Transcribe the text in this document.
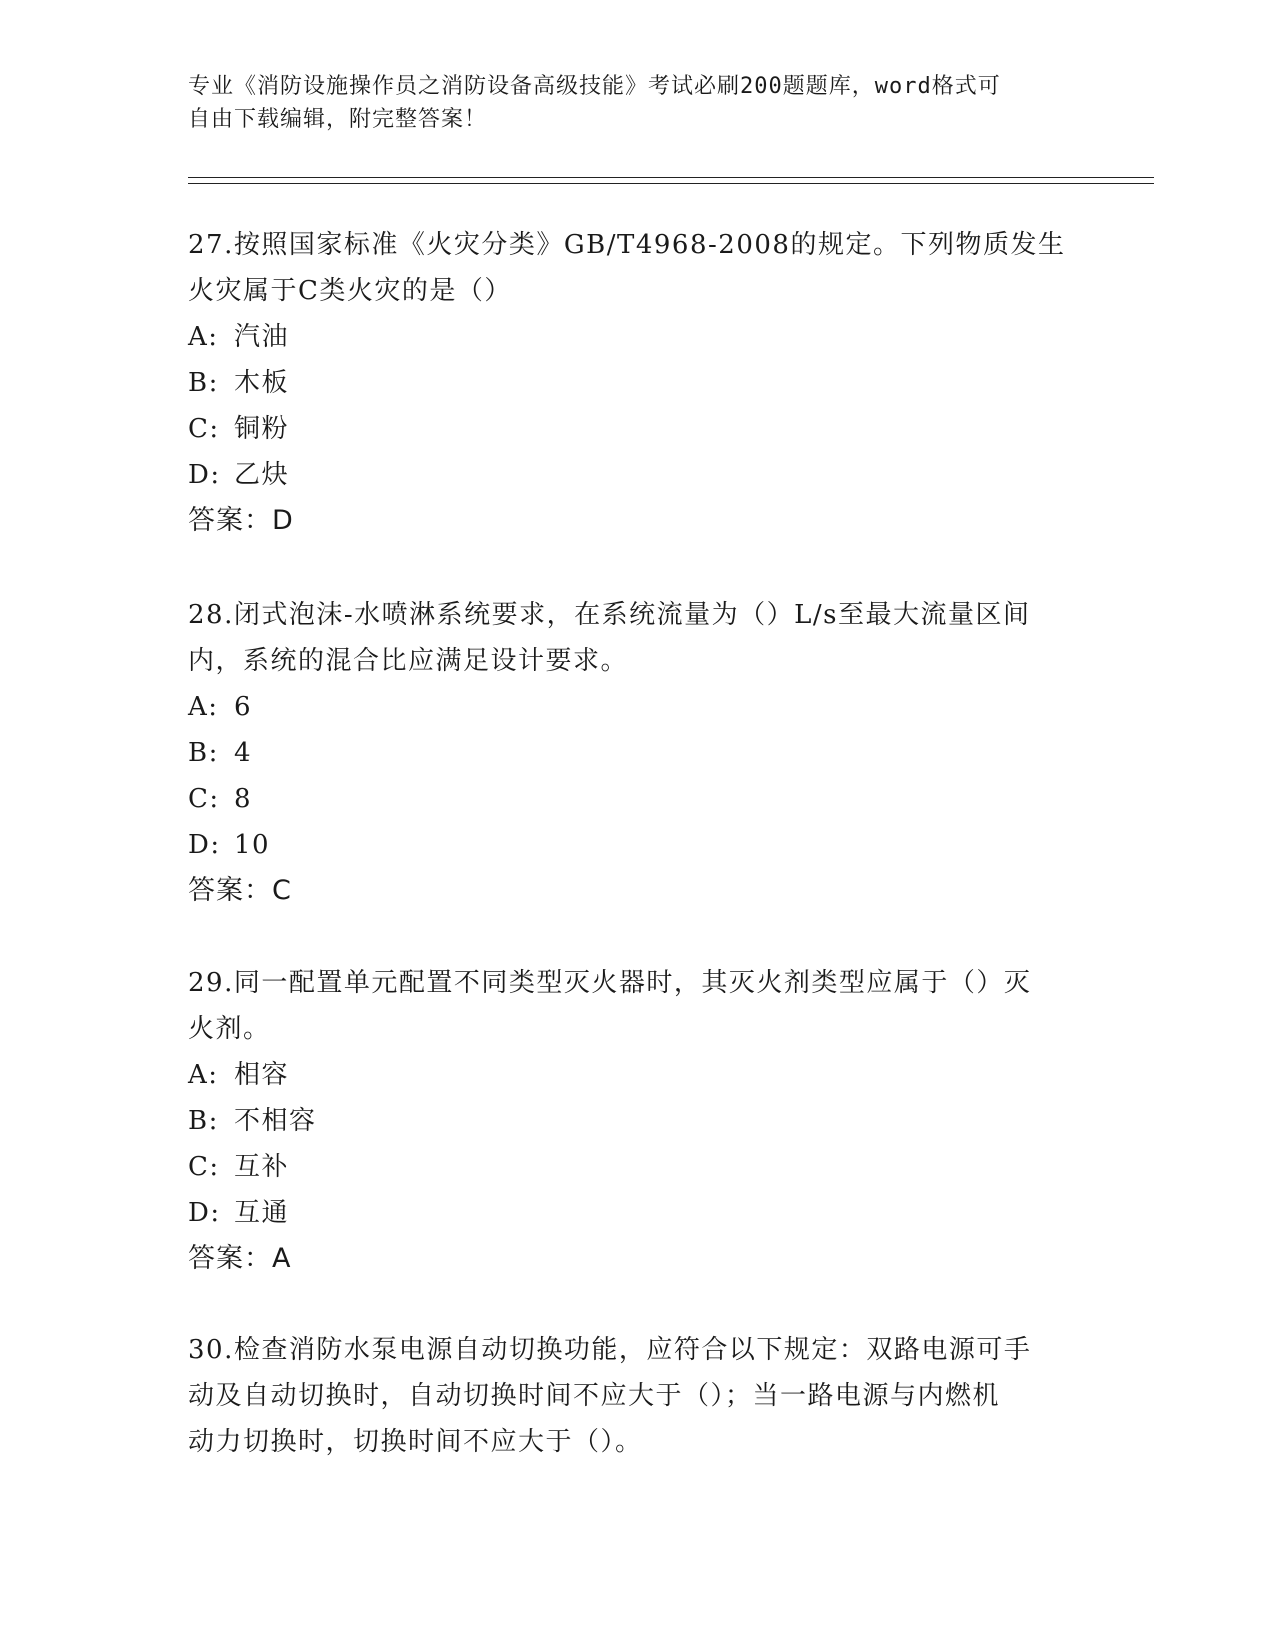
专业《消防设施操作员之消防设备高级技能》考试必刷200题题库，word格式可

自由下载编辑，附完整答案！

27.按照国家标准《火灾分类》GB/T4968-2008的规定。下列物质发生

火灾属于C类火灾的是（）

A: 汽油

B: 木板

C: 铜粉

D: 乙炔

答案：D

28.闭式泡沫-水喷淋系统要求，在系统流量为（）L/s至最大流量区间

内，系统的混合比应满足设计要求。

A: 6

B: 4

C: 8

D: 10

答案：C

29.同一配置单元配置不同类型灭火器时，其灭火剂类型应属于（）灭

火剂。

A: 相容

B: 不相容

C: 互补

D: 互通

答案：A

30.检查消防水泵电源自动切换功能，应符合以下规定：双路电源可手

动及自动切换时，自动切换时间不应大于（）；当一路电源与内燃机

动力切换时，切换时间不应大于（）。
